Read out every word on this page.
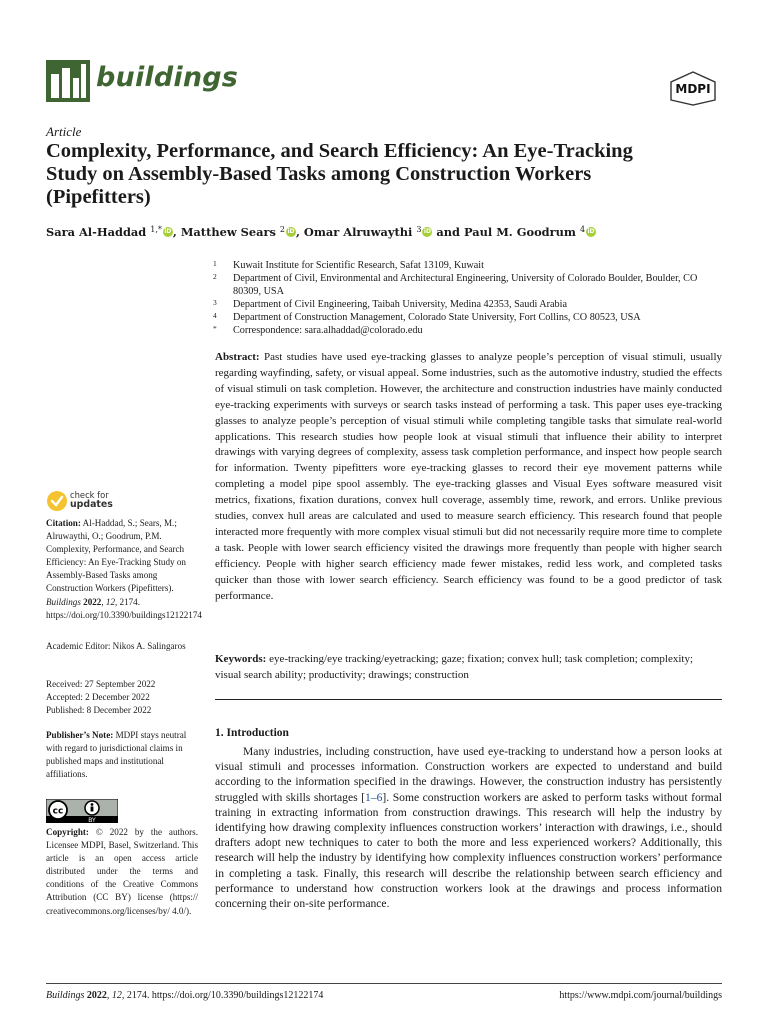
buildings	MDPI
Article
Complexity, Performance, and Search Efficiency: An Eye-Tracking Study on Assembly-Based Tasks among Construction Workers (Pipefitters)
Sara Al-Haddad $^{1,*}$ iD , Matthew Sears $^2$ iD , Omar Alruwaythi $^3$iD and Paul M. Goodrum $^4$iD
1 Kuwait Institute for Scientific Research, Safat 13109, Kuwait
2 Department of Civil, Environmental and Architectural Engineering, University of Colorado Boulder, Boulder, CO 80309, USA
3 Department of Civil Engineering, Taibah University, Medina 42353, Saudi Arabia
4 Department of Construction Management, Colorado State University, Fort Collins, CO 80523, USA
* Correspondence: sara.alhaddad@colorado.edu

Abstract: Past studies have used eye-tracking glasses to analyze people’s perception of visual stimuli, usually regarding wayfinding, safety, or visual appeal. Some industries, such as the automotive industry, studied the effects of visual stimuli on task completion. However, the architecture and construction industries have mainly conducted eye-tracking experiments with surveys or search tasks instead of performing a task. This paper uses eye-tracking glasses to analyze people’s perception of visual stimuli while completing tangible tasks that simulate real-world applications. This research studies how people look at visual stimuli that influence their ability to interpret drawings with varying degrees of complexity, assess task completion performance, and inspect how people search for information. Twenty pipefitters wore eye-tracking glasses to record their eye movement patterns while completing a model pipe spool assembly. The eye-tracking glasses and Visual Eyes software measured visit metrics, fixations, fixation durations, convex hull coverage, assembly time, rework, and errors. Unlike previous studies, convex hull areas are calculated and used to measure search efficiency. This research found that people interacted more frequently with more complex visual stimuli but did not necessarily require more time to complete a task. People with lower search efficiency visited the drawings more frequently than people with higher search efficiency. People with higher search efficiency made fewer mistakes, redid less work, and completed tasks quicker than those with lower search efficiency. Search efficiency was found to be a good predictor of task performance.

Keywords: eye-tracking/eye tracking/eyetracking; gaze; fixation; convex hull; task completion; complexity; visual search ability; productivity; drawings; construction

1. Introduction

Many industries, including construction, have used eye-tracking to understand how a person looks at visual stimuli and processes information. Construction workers are expected to understand and build according to the information specified in the drawings. However, the construction industry has persistently struggled with skills shortages [1–6]. Some construction workers are asked to perform tasks without formal training in extracting information from construction drawings. This research will help the industry by identifying how drawing complexity influences construction workers’ interaction with drawings, i.e., should drafters adopt new techniques to cater to both the more and less experienced workers? Additionally, this research will help the industry by identifying how complexity influences construction workers’ performance in completing a task. Finally, this research will describe the relationship between search efficiency and performance to understand how construction workers look at the drawings and process information concerning their on-site performance.

check for
updates
Citation: Al-Haddad, S.; Sears, M.; Alruwaythi, O.; Goodrum, P.M. Complexity, Performance, and Search Efficiency: An Eye-Tracking Study on Assembly-Based Tasks among Construction Workers (Pipefitters). Buildings 2022, 12, 2174. https://doi.org/10.3390/buildings12122174
Academic Editor: Nikos A. Salingaros
Received: 27 September 2022
Accepted: 2 December 2022
Published: 8 December 2022
Publisher’s Note: MDPI stays neutral with regard to jurisdictional claims in published maps and institutional affiliations.
cc
BY
Copyright: © 2022 by the authors. Licensee MDPI, Basel, Switzerland. This article is an open access article distributed under the terms and conditions of the Creative Commons Attribution (CC BY) license (https:// creativecommons.org/licenses/by/ 4.0/).
Buildings 2022, 12, 2174. https://doi.org/10.3390/buildings12122174	https://www.mdpi.com/journal/buildings
